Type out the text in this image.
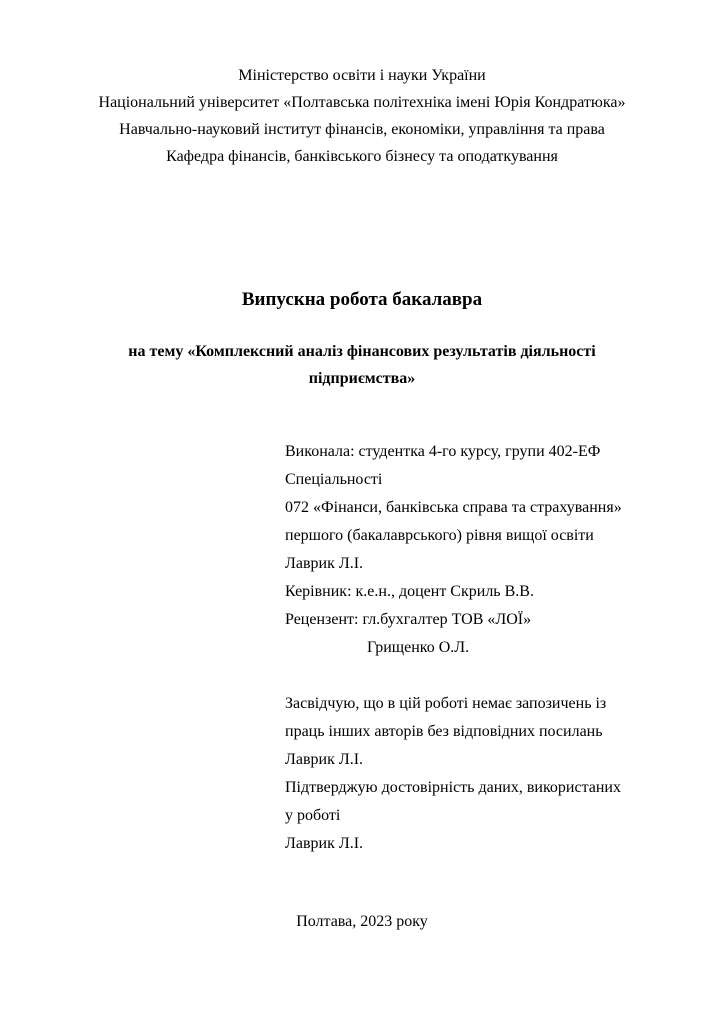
Міністерство освіти і науки України
Національний університет «Полтавська політехніка імені Юрія Кондратюка»
Навчально-науковий інститут фінансів, економіки, управління та права
Кафедра фінансів, банківського бізнесу та оподаткування
Випускна робота бакалавра
на тему «Комплексний аналіз фінансових результатів діяльності
підприємства»
Виконала: студентка 4-го курсу, групи 402-ЕФ
Спеціальності
072 «Фінанси, банківська справа та страхування»
першого (бакалаврського) рівня вищої освіти
Лаврик Л.І.
Керівник: к.е.н., доцент Скриль В.В.
Рецензент: гл.бухгалтер ТОВ «ЛОЇ»
Грищенко О.Л.
Засвідчую, що в цій роботі немає запозичень із
праць інших авторів без відповідних посилань
Лаврик Л.І.
Підтверджую достовірність даних, використаних
у роботі
Лаврик Л.І.
Полтава, 2023 року
